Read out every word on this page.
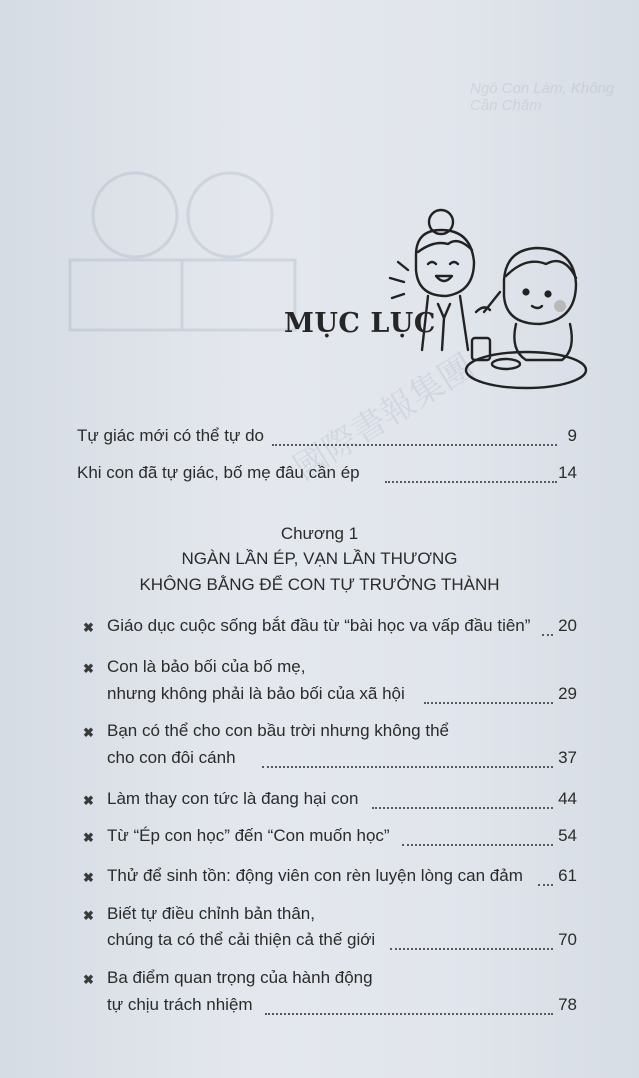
Ngô Con Làm, Không Cần Chăm
國際書報集團
MỤC LỤC
Tự giác mới có thể tự do	9
Khi con đã tự giác, bố mẹ đâu cần ép	14
Chương 1
NGÀN LẦN ÉP, VẠN LẦN THƯƠNG
KHÔNG BẰNG ĐỂ CON TỰ TRƯỞNG THÀNH
✖ Giáo dục cuộc sống bắt đầu từ “bài học va vấp đầu tiên” 20
✖ Con là bảo bối của bố mẹ,
nhưng không phải là bảo bối của xã hội	29
✖ Bạn có thể cho con bầu trời nhưng không thể
cho con đôi cánh	37
✖ Làm thay con tức là đang hại con	44
✖ Từ “Ép con học” đến “Con muốn học”	54
✖ Thử để sinh tồn: động viên con rèn luyện lòng can đảm 61
✖ Biết tự điều chỉnh bản thân,
chúng ta có thể cải thiện cả thế giới	70
✖ Ba điểm quan trọng của hành động
tự chịu trách nhiệm	78
